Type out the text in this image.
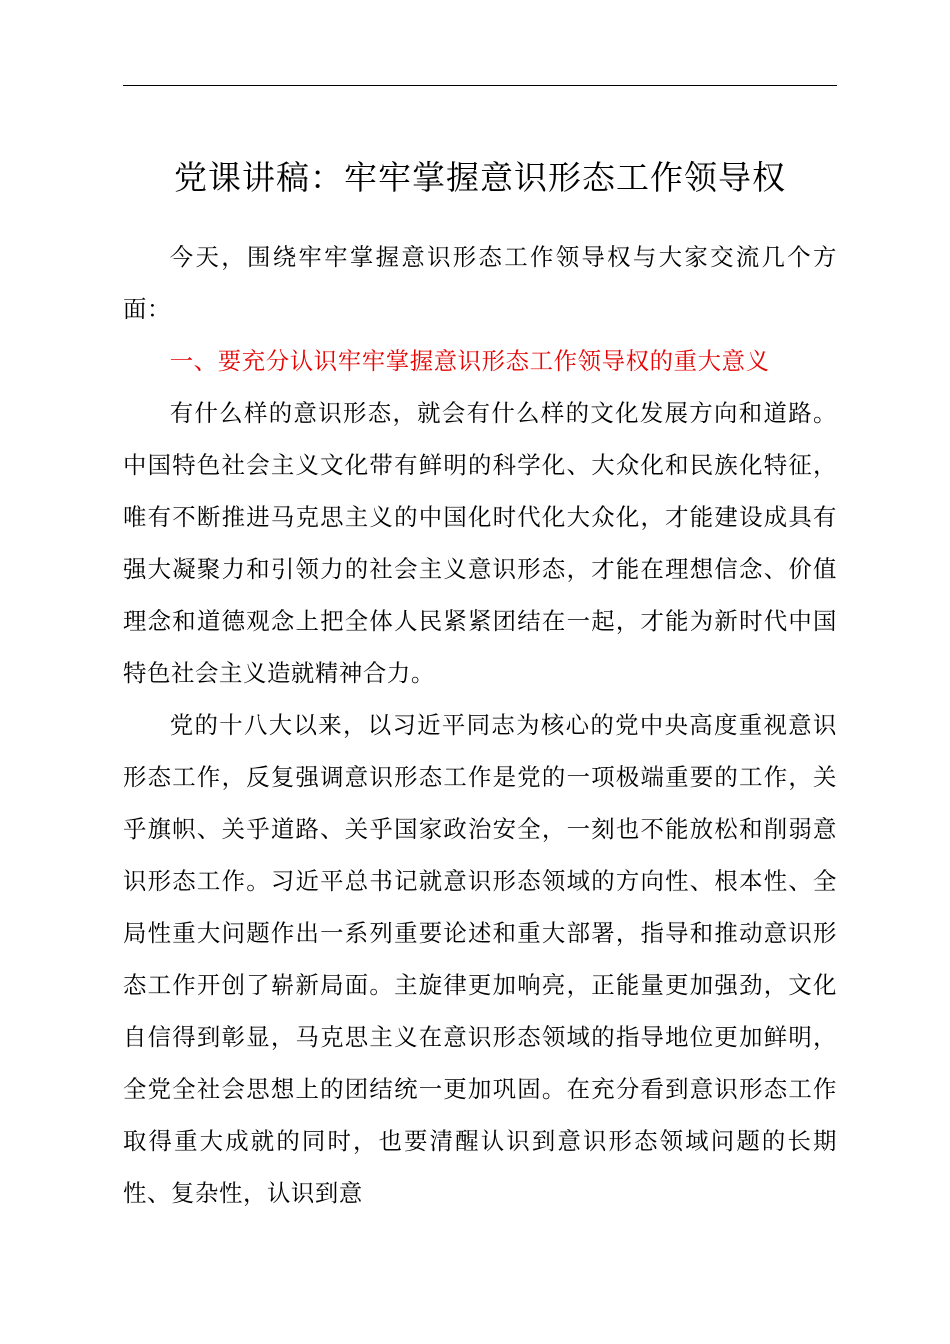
党课讲稿：牢牢掌握意识形态工作领导权

今天，围绕牢牢掌握意识形态工作领导权与大家交流几个方面：

一、要充分认识牢牢掌握意识形态工作领导权的重大意义

有什么样的意识形态，就会有什么样的文化发展方向和道路。中国特色社会主义文化带有鲜明的科学化、大众化和民族化特征，唯有不断推进马克思主义的中国化时代化大众化，才能建设成具有强大凝聚力和引领力的社会主义意识形态，才能在理想信念、价值理念和道德观念上把全体人民紧紧团结在一起，才能为新时代中国特色社会主义造就精神合力。

党的十八大以来，以习近平同志为核心的党中央高度重视意识形态工作，反复强调意识形态工作是党的一项极端重要的工作，关乎旗帜、关乎道路、关乎国家政治安全，一刻也不能放松和削弱意识形态工作。习近平总书记就意识形态领域的方向性、根本性、全局性重大问题作出一系列重要论述和重大部署，指导和推动意识形态工作开创了崭新局面。主旋律更加响亮，正能量更加强劲，文化自信得到彰显，马克思主义在意识形态领域的指导地位更加鲜明，全党全社会思想上的团结统一更加巩固。在充分看到意识形态工作取得重大成就的同时，也要清醒认识到意识形态领域问题的长期性、复杂性，认识到意
